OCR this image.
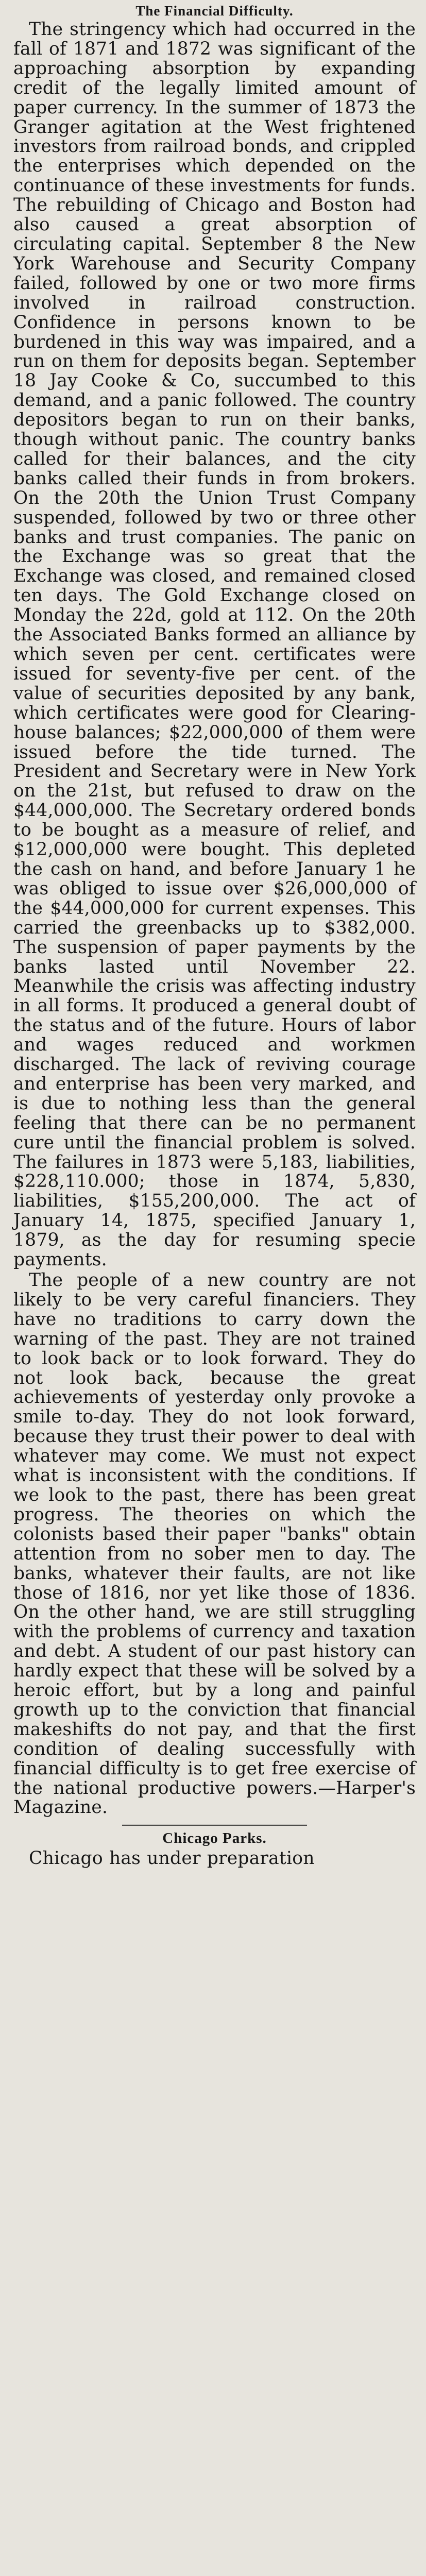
The Financial Difficulty.

The stringency which had occurred in the fall of 1871 and 1872 was significant of the approaching absorption by expanding credit of the legally limited amount of paper currency. In the summer of 1873 the Granger agitation at the West frightened investors from railroad bonds, and crippled the enterprises which depended on the continuance of these investments for funds. The rebuilding of Chicago and Boston had also caused a great absorption of circulating capital. September 8 the New York Warehouse and Security Company failed, followed by one or two more firms involved in railroad construction. Confidence in persons known to be burdened in this way was impaired, and a run on them for deposits began. September 18 Jay Cooke & Co, succumbed to this demand, and a panic followed. The country depositors began to run on their banks, though without panic. The country banks called for their balances, and the city banks called their funds in from brokers. On the 20th the Union Trust Company suspended, followed by two or three other banks and trust companies. The panic on the Exchange was so great that the Exchange was closed, and remained closed ten days. The Gold Exchange closed on Monday the 22d, gold at 112. On the 20th the Associated Banks formed an alliance by which seven per cent. certificates were issued for seventy-five per cent. of the value of securities deposited by any bank, which certificates were good for Clearing-house balances; $22,000,000 of them were issued before the tide turned. The President and Secretary were in New York on the 21st, but refused to draw on the $44,000,000. The Secretary ordered bonds to be bought as a measure of relief, and $12,000,000 were bought. This depleted the cash on hand, and before January 1 he was obliged to issue over $26,000,000 of the $44,000,000 for current expenses. This carried the greenbacks up to $382,000. The suspension of paper payments by the banks lasted until November 22. Meanwhile the crisis was affecting industry in all forms. It produced a general doubt of the status and of the future. Hours of labor and wages reduced and workmen discharged. The lack of reviving courage and enterprise has been very marked, and is due to nothing less than the general feeling that there can be no permanent cure until the financial problem is solved. The failures in 1873 were 5,183, liabilities, $228,110.000; those in 1874, 5,830, liabilities, $155,200,000. The act of January 14, 1875, specified January 1, 1879, as the day for resuming specie payments.

The people of a new country are not likely to be very careful financiers. They have no traditions to carry down the warning of the past. They are not trained to look back or to look forward. They do not look back, because the great achievements of yesterday only provoke a smile to-day. They do not look forward, because they trust their power to deal with whatever may come. We must not expect what is inconsistent with the conditions. If we look to the past, there has been great progress. The theories on which the colonists based their paper "banks" obtain attention from no sober men to day. The banks, whatever their faults, are not like those of 1816, nor yet like those of 1836. On the other hand, we are still struggling with the problems of currency and taxation and debt. A student of our past history can hardly expect that these will be solved by a heroic effort, but by a long and painful growth up to the conviction that financial makeshifts do not pay, and that the first condition of dealing successfully with financial difficulty is to get free exercise of the national productive powers.—Harper's Magazine.

Chicago Parks.

Chicago has under preparation
